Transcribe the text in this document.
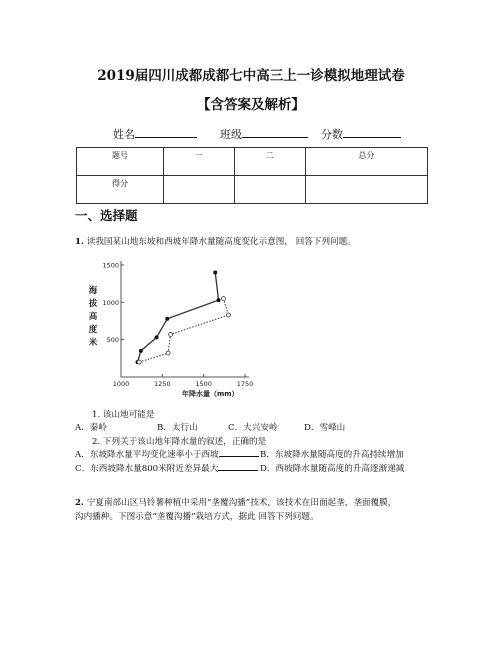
2019届四川成都成都七中高三上一诊模拟地理试卷
【含答案及解析】
姓名	班级	分数
题号	一	二	总分
得分			
一、选择题
1. 读我国某山地东坡和西坡年降水量随高度变化示意图， 回答下列问题。
1000	1250	1500	1750
500
1000
1500
海
拔
高
度
米
年降水量（mm）
1. 该山地可能是
A．秦岭	B．太行山	C．大兴安岭	D．雪峰山
2. 下列关于该山地年降水量的叙述，正确的是
A．东坡降水量平均变化速率小于西坡	B．东坡降水量随高度的升高持续增加
C．东西坡降水量800米附近差异最大	D．西坡降水量随高度的升高逐渐递减
2. 宁夏南部山区马铃薯种植中采用“垄覆沟播”技术，该技术在田面起垄，垄面覆膜，
沟内播种。下图示意“垄覆沟播”栽培方式，据此 回答下列问题。
